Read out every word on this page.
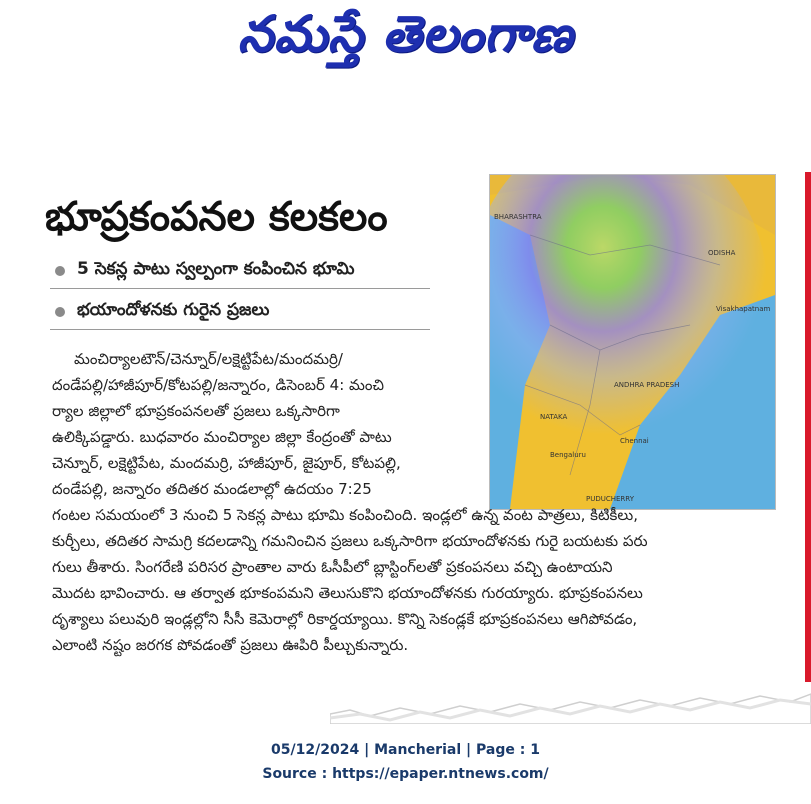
నమస్తే తెలంగాణ
భూప్రకంపనల కలకలం
5 సెకన్ల పాటు స్వల్పంగా కంపించిన భూమి
భయాందోళనకు గురైన ప్రజలు
BHARASHTRA
ODISHA
NATAKA
ANDHRA PRADESH
Chennai
PUDUCHERRY
Bengaluru
Visakhapatnam
మంచిర్యాలటౌన్/చెన్నూర్/లక్షెట్టిపేట/మందమర్రి/
దండేపల్లి/హాజీపూర్/కోటపల్లి/జన్నారం, డిసెంబర్ 4: మంచి
ర్యాల జిల్లాలో భూప్రకంపనలతో ప్రజలు ఒక్కసారిగా
ఉలిక్కిపడ్డారు. బుధవారం మంచిర్యాల జిల్లా కేంద్రంతో పాటు
చెన్నూర్, లక్షెట్టిపేట, మందమర్రి, హాజీపూర్, జైపూర్, కోటపల్లి,
దండేపల్లి, జన్నారం తదితర మండలాల్లో ఉదయం 7:25
గంటల సమయంలో 3 నుంచి 5 సెకన్ల పాటు భూమి కంపించింది. ఇండ్లలో ఉన్న వంట పాత్రలు, కిటికీలు,
కుర్చీలు, తదితర సామగ్రి కదలడాన్ని గమనించిన ప్రజలు ఒక్కసారిగా భయాందోళనకు గురై బయటకు పరు
గులు తీశారు. సింగరేణి పరిసర ప్రాంతాల వారు ఓసీపీలో బ్లాస్టింగ్‌లతో ప్రకంపనలు వచ్చి ఉంటాయని
మొదట భావించారు. ఆ తర్వాత భూకంపమని తెలుసుకొని భయాందోళనకు గురయ్యారు. భూప్రకంపనలు
దృశ్యాలు పలువురి ఇండ్లల్లోని సీసీ కెమెరాల్లో రికార్డయ్యాయి. కొన్ని సెకండ్లకే భూప్రకంపనలు ఆగిపోవడం,
ఎలాంటి నష్టం జరగక పోవడంతో ప్రజలు ఊపిరి పీల్చుకున్నారు.
05/12/2024 | Mancherial | Page : 1
Source : https://epaper.ntnews.com/
